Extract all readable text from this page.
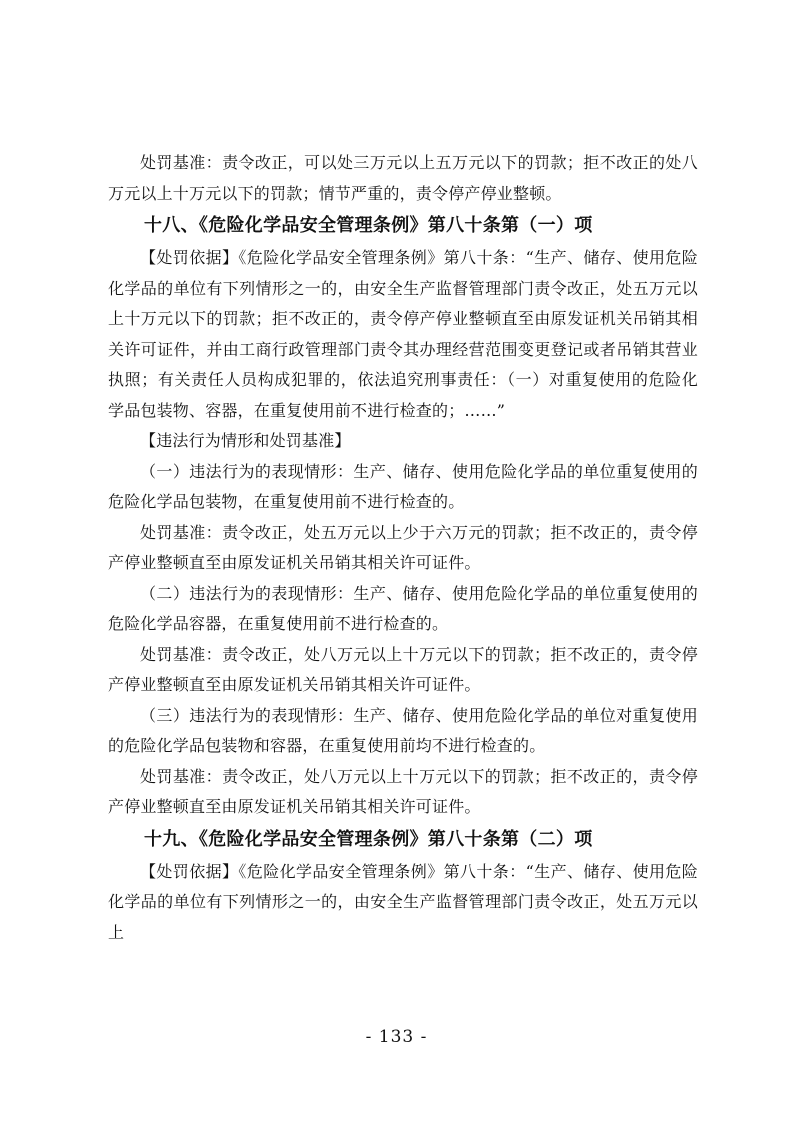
处罚基准：责令改正，可以处三万元以上五万元以下的罚款；拒不改正的处八万元以上十万元以下的罚款；情节严重的，责令停产停业整顿。

十八、《危险化学品安全管理条例》第八十条第（一）项

【处罚依据】《危险化学品安全管理条例》第八十条：“生产、储存、使用危险化学品的单位有下列情形之一的，由安全生产监督管理部门责令改正，处五万元以上十万元以下的罚款；拒不改正的，责令停产停业整顿直至由原发证机关吊销其相关许可证件，并由工商行政管理部门责令其办理经营范围变更登记或者吊销其营业执照；有关责任人员构成犯罪的，依法追究刑事责任：（一）对重复使用的危险化学品包装物、容器，在重复使用前不进行检查的；……”

【违法行为情形和处罚基准】

（一）违法行为的表现情形：生产、储存、使用危险化学品的单位重复使用的危险化学品包装物，在重复使用前不进行检查的。

处罚基准：责令改正，处五万元以上少于六万元的罚款；拒不改正的，责令停产停业整顿直至由原发证机关吊销其相关许可证件。

（二）违法行为的表现情形：生产、储存、使用危险化学品的单位重复使用的危险化学品容器，在重复使用前不进行检查的。

处罚基准：责令改正，处八万元以上十万元以下的罚款；拒不改正的，责令停产停业整顿直至由原发证机关吊销其相关许可证件。

（三）违法行为的表现情形：生产、储存、使用危险化学品的单位对重复使用的危险化学品包装物和容器，在重复使用前均不进行检查的。

处罚基准：责令改正，处八万元以上十万元以下的罚款；拒不改正的，责令停产停业整顿直至由原发证机关吊销其相关许可证件。

十九、《危险化学品安全管理条例》第八十条第（二）项

【处罚依据】《危险化学品安全管理条例》第八十条：“生产、储存、使用危险化学品的单位有下列情形之一的，由安全生产监督管理部门责令改正，处五万元以上

- 133 -
